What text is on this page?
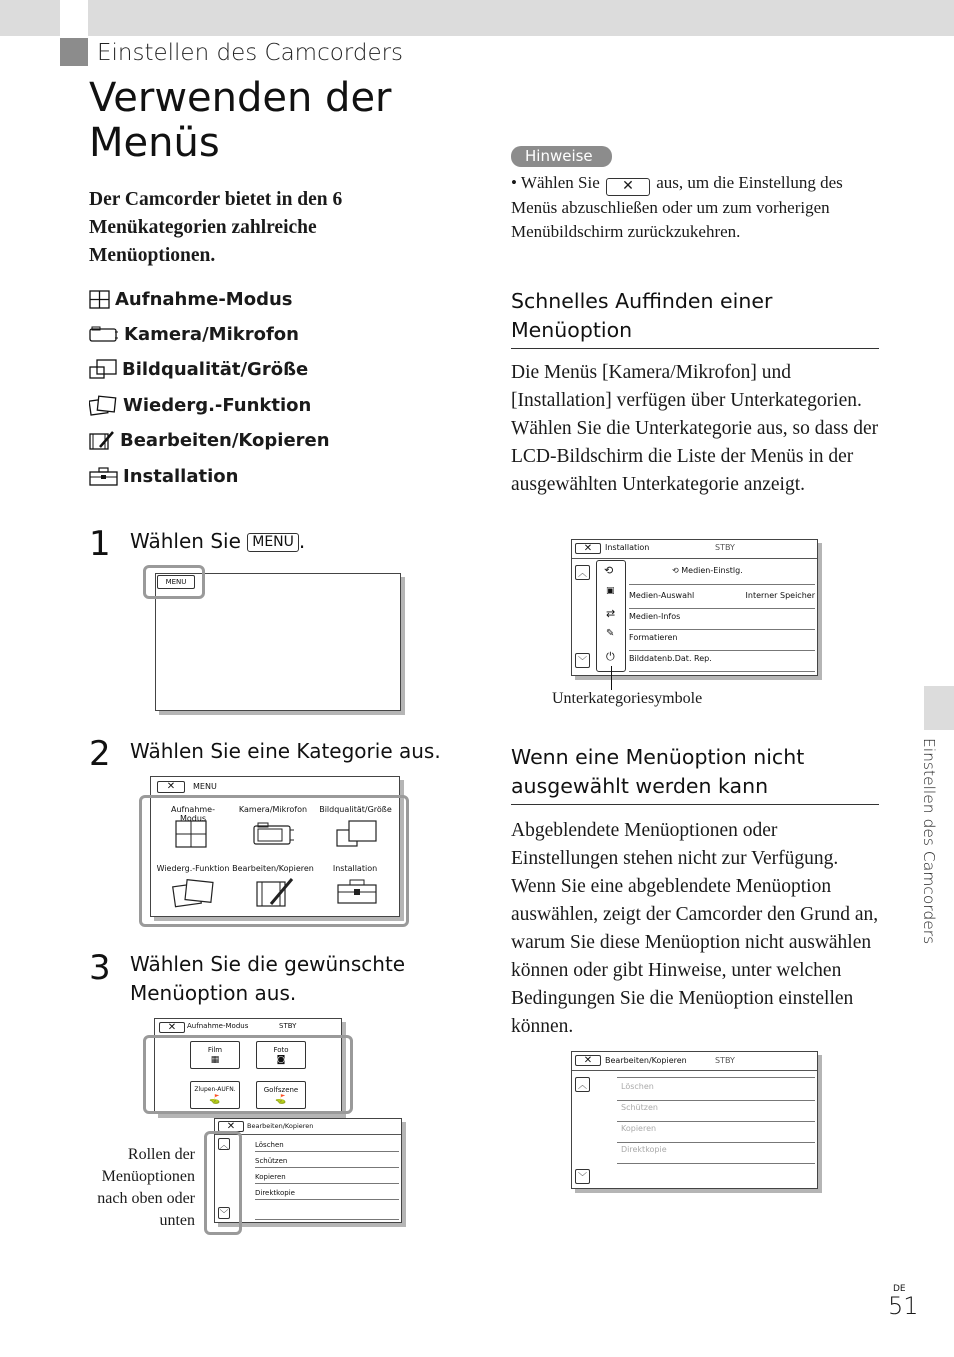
Einstellen des Camcorders
Verwenden der Menüs
Der Camcorder bietet in den 6 Menükategorien zahlreiche Menüoptionen.
Aufnahme-Modus
Kamera/Mikrofon
Bildqualität/Größe
Wiederg.-Funktion
Bearbeiten/Kopieren
Installation
1 Wählen Sie MENU .
MENU
2 Wählen Sie eine Kategorie aus.
✕	MENU
Aufnahme-Modus
Kamera/Mikrofon Bildqualität/Größe
Wiederg.-Funktion Bearbeiten/Kopieren	Installation
3 Wählen Sie die gewünschte Menüoption aus.
✕	Aufnahme-Modus	STBY
Film
▦
Foto
◙
Zlupen-AUFN.
⛳
Golfszene
⛳
✕	Bearbeiten/Kopieren
︿
﹀
Löschen
Schützen
Kopieren
Direktkopie
Rollen der Menüoptionen nach oben oder unten
Hinweise
• Wählen Sie ✕ aus, um die Einstellung des Menüs abzuschließen oder um zum vorherigen Menübildschirm zurückzukehren.
Schnelles Auffinden einer Menüoption
Die Menüs [Kamera/Mikrofon] und [Installation] verfügen über Unterkategorien. Wählen Sie die Unterkategorie aus, so dass der LCD-Bildschirm die Liste der Menüs in der ausgewählten Unterkategorie anzeigt.
✕	Installation	STBY
︿
﹀
⟲
▣
⇄
✎
⏻
⟲ Medien-Einstlg.
Medien-Auswahl	Interner Speicher
Medien-Infos
Formatieren
Bilddatenb.Dat. Rep.
Unterkategoriesymbole
Wenn eine Menüoption nicht ausgewählt werden kann
Abgeblendete Menüoptionen oder Einstellungen stehen nicht zur Verfügung. Wenn Sie eine abgeblendete Menüoption auswählen, zeigt der Camcorder den Grund an, warum Sie diese Menüoption nicht auswählen können oder gibt Hinweise, unter welchen Bedingungen Sie die Menüoption einstellen können.
✕	Bearbeiten/Kopieren	STBY
︿
﹀
Löschen
Schützen
Kopieren
Direktkopie
Einstellen des Camcorders
DE
51
